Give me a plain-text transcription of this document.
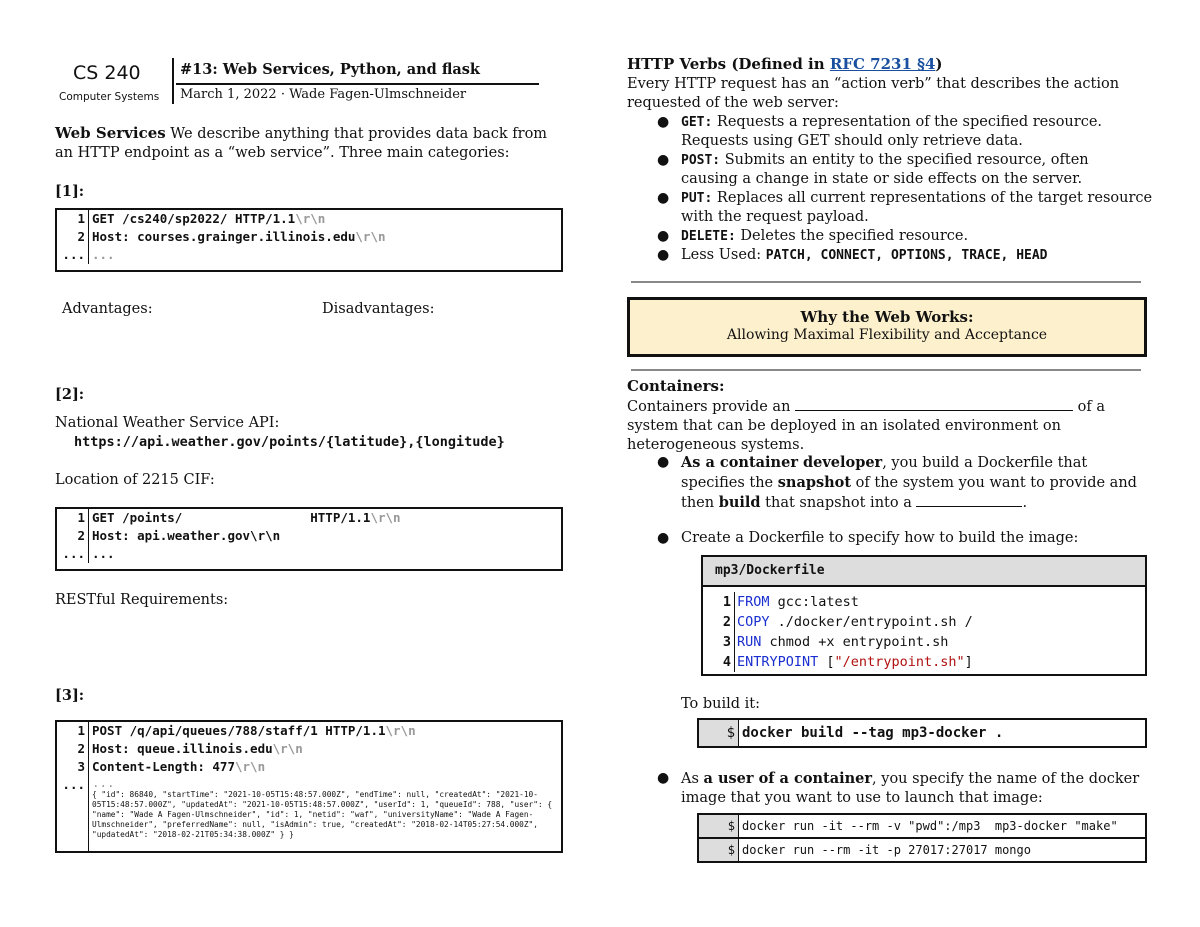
CS 240
Computer Systems
#13: Web Services, Python, and flask
March 1, 2022 · Wade Fagen-Ulmschneider

Web Services We describe anything that provides data back from
an HTTP endpoint as a “web service”. Three main categories:

[1]:

1 GET /cs240/sp2022/ HTTP/1.1\r\n
2 Host: courses.grainger.illinois.edu\r\n
... ...

Advantages:	Disadvantages:

[2]:

National Weather Service API:

https://api.weather.gov/points/{latitude},{longitude}

Location of 2215 CIF:

1 GET /points/                 HTTP/1.1\r\n
2 Host: api.weather.gov\r\n
... ...

RESTful Requirements:

[3]:

1 POST /q/api/queues/788/staff/1 HTTP/1.1\r\n
2 Host: queue.illinois.edu\r\n
3 Content-Length: 477\r\n
... ...
{ "id": 86840, "startTime": "2021-10-05T15:48:57.000Z", "endTime": null, "createdAt": "2021-10-05T15:48:57.000Z", "updatedAt": "2021-10-05T15:48:57.000Z", "userId": 1, "queueId": 788, "user": { "name": "Wade A Fagen-Ulmschneider", "id": 1, "netid": "waf", "universityName": "Wade A Fagen-Ulmschneider", "preferredName": null, "isAdmin": true, "createdAt": "2018-02-14T05:27:54.000Z", "updatedAt": "2018-02-21T05:34:38.000Z" } }

HTTP Verbs (Defined in RFC 7231 §4)
Every HTTP request has an “action verb” that describes the action
requested of the web server:

● GET: Requests a representation of the specified resource.
Requests using GET should only retrieve data.
● POST: Submits an entity to the specified resource, often
causing a change in state or side effects on the server.
● PUT: Replaces all current representations of the target resource
with the request payload.
● DELETE: Deletes the specified resource.
● Less Used: PATCH, CONNECT, OPTIONS, TRACE, HEAD
Why the Web Works:
Allowing Maximal Flexibility and Acceptance

Containers:
Containers provide an	of a
system that can be deployed in an isolated environment on
heterogeneous systems.

● As a container developer, you build a Dockerfile that
specifies the snapshot of the system you want to provide and
then build that snapshot into a	.
● Create a Dockerfile to specify how to build the image:
mp3/Dockerfile
1 FROM gcc:latest
2 COPY ./docker/entrypoint.sh /
3 RUN chmod +x entrypoint.sh
4 ENTRYPOINT ["/entrypoint.sh"]

To build it:

$ docker build --tag mp3-docker .
● As a user of a container, you specify the name of the docker
image that you want to use to launch that image:
$ docker run -it --rm -v "pwd":/mp3  mp3-docker "make"
$ docker run --rm -it -p 27017:27017 mongo
